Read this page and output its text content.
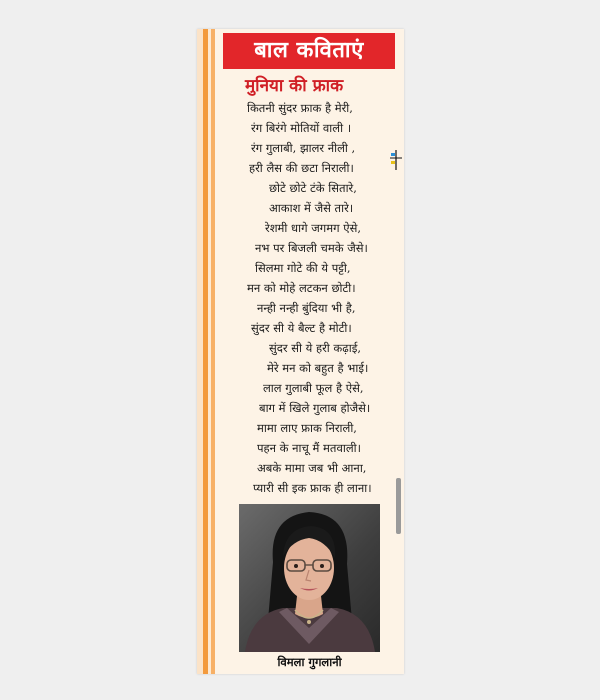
बाल कविताएं
मुनिया की फ्राक
कितनी सुंदर फ्राक है मेरी,
रंग बिरंगे मोतियों वाली ।
रंग गुलाबी, झालर नीली ,
हरी लैस की छटा निराली।
छोटे छोटे टंके सितारे,
आकाश में जैसे तारे।
रेशमी धागे जगमग ऐसे,
नभ पर बिजली चमके जैसे।
सिलमा गोटे की ये पट्टी,
मन को मोहे लटकन छोटी।
नन्ही नन्ही बुंदिया भी है,
सुंदर सी ये बैल्ट है मोटी।
सुंदर सी ये हरी कढ़ाई,
मेरे मन को बहुत है भाई।
लाल गुलाबी फूल है ऐसे,
बाग में खिले गुलाब होजैसे।
मामा लाए फ्राक निराली,
पहन के नाचू मैं मतवाली।
अबके मामा जब भी आना,
प्यारी सी इक फ्राक ही लाना।
विमला गुगलानी
